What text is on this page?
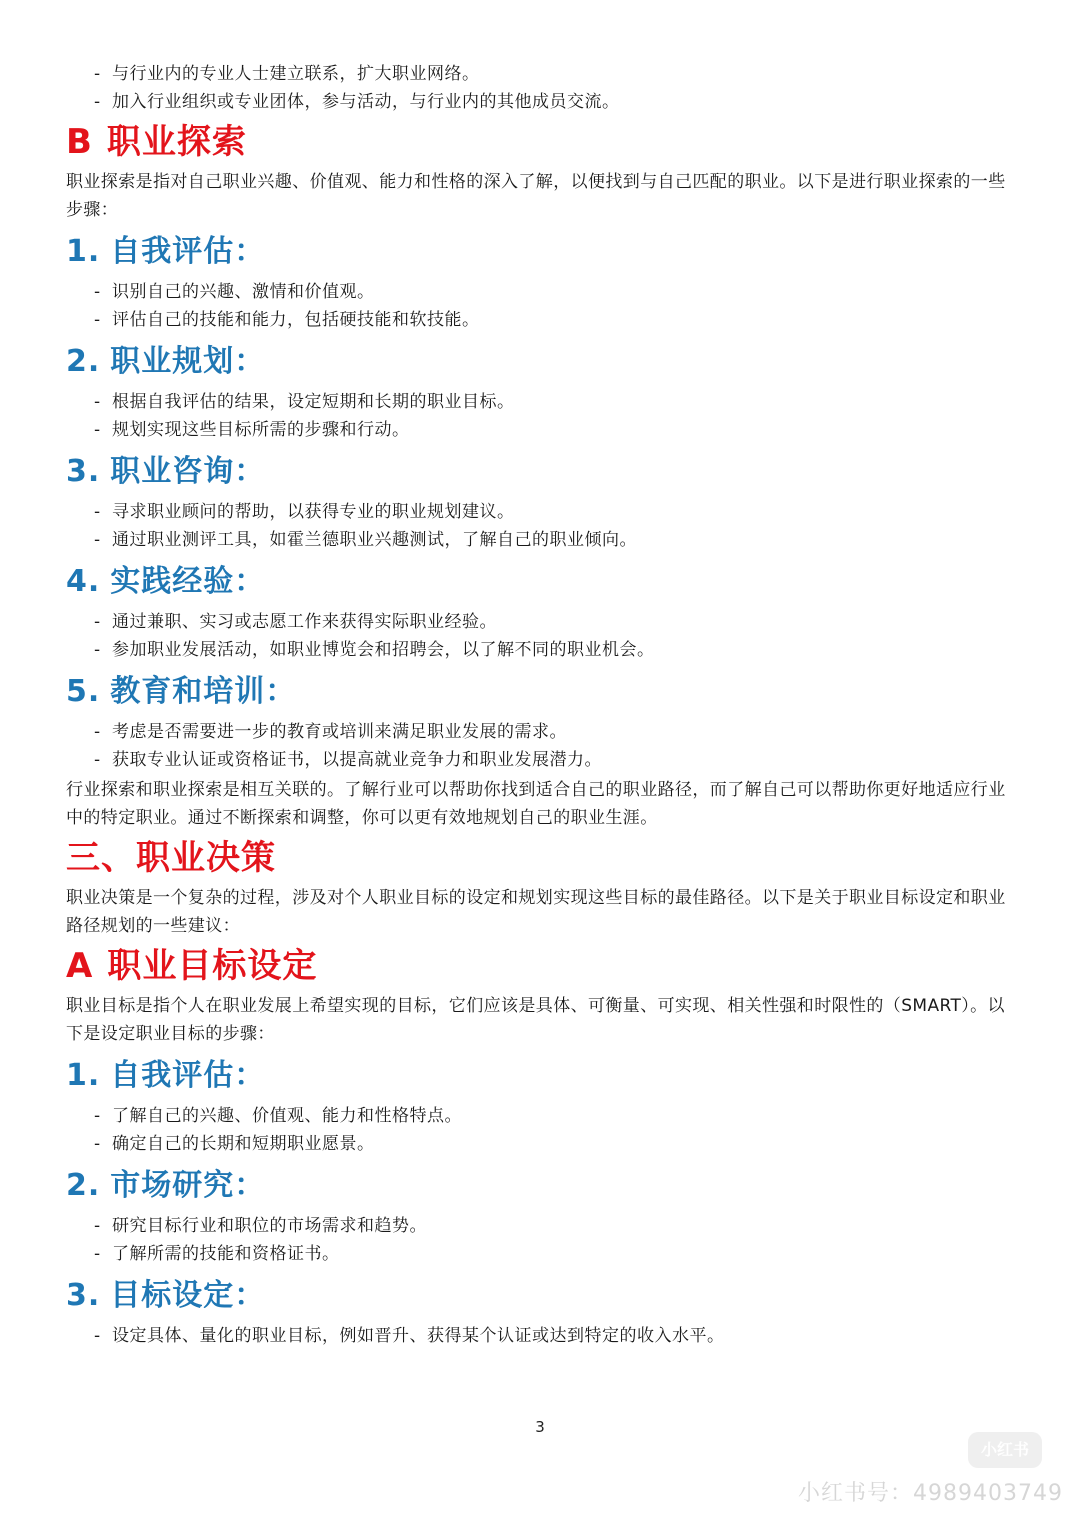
- 与行业内的专业人士建立联系，扩大职业网络。
- 加入行业组织或专业团体，参与活动，与行业内的其他成员交流。
B 职业探索

职业探索是指对自己职业兴趣、价值观、能力和性格的深入了解，以便找到与自己匹配的职业。以下是进行职业探索的一些步骤：

1. 自我评估：
- 识别自己的兴趣、激情和价值观。
- 评估自己的技能和能力，包括硬技能和软技能。
2. 职业规划：
- 根据自我评估的结果，设定短期和长期的职业目标。
- 规划实现这些目标所需的步骤和行动。
3. 职业咨询：
- 寻求职业顾问的帮助，以获得专业的职业规划建议。
- 通过职业测评工具，如霍兰德职业兴趣测试，了解自己的职业倾向。
4. 实践经验：
- 通过兼职、实习或志愿工作来获得实际职业经验。
- 参加职业发展活动，如职业博览会和招聘会，以了解不同的职业机会。
5. 教育和培训：
- 考虑是否需要进一步的教育或培训来满足职业发展的需求。
- 获取专业认证或资格证书，以提高就业竞争力和职业发展潜力。

行业探索和职业探索是相互关联的。了解行业可以帮助你找到适合自己的职业路径，而了解自己可以帮助你更好地适应行业中的特定职业。通过不断探索和调整，你可以更有效地规划自己的职业生涯。

三、职业决策

职业决策是一个复杂的过程，涉及对个人职业目标的设定和规划实现这些目标的最佳路径。以下是关于职业目标设定和职业路径规划的一些建议：

A 职业目标设定

职业目标是指个人在职业发展上希望实现的目标，它们应该是具体、可衡量、可实现、相关性强和时限性的（SMART）。以下是设定职业目标的步骤：

1. 自我评估：
- 了解自己的兴趣、价值观、能力和性格特点。
- 确定自己的长期和短期职业愿景。
2. 市场研究：
- 研究目标行业和职位的市场需求和趋势。
- 了解所需的技能和资格证书。
3. 目标设定：
- 设定具体、量化的职业目标，例如晋升、获得某个认证或达到特定的收入水平。
3
小红书
小红书号：4989403749
